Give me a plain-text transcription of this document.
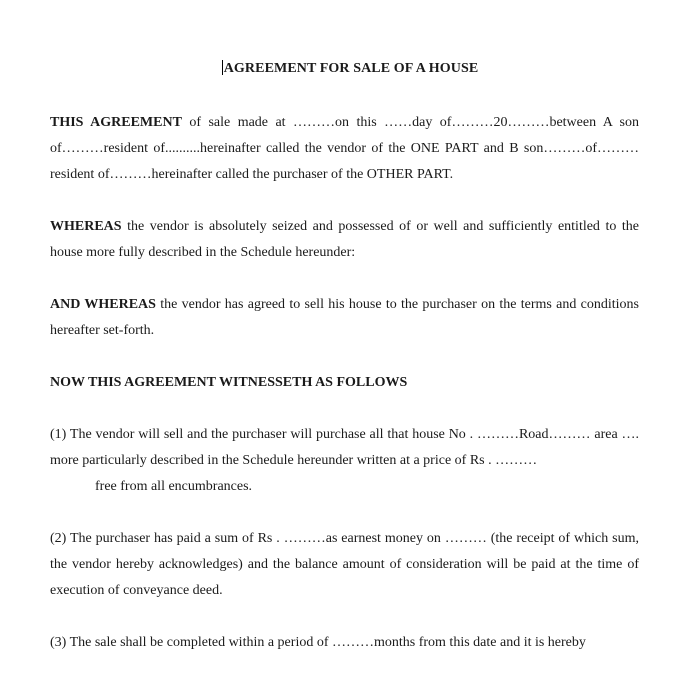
AGREEMENT FOR SALE OF A HOUSE

THIS AGREEMENT of sale made at ………on this ……day of………20………between A son of………resident of..........hereinafter called the vendor of the ONE PART and B son………of………resident of………hereinafter called the purchaser of the OTHER PART.

WHEREAS the vendor is absolutely seized and possessed of or well and sufficiently entitled to the house more fully described in the Schedule hereunder:

AND WHEREAS the vendor has agreed to sell his house to the purchaser on the terms and conditions hereafter set-forth.

NOW THIS AGREEMENT WITNESSETH AS FOLLOWS

(1) The vendor will sell and the purchaser will purchase all that house No . ………Road……… area …. more particularly described in the Schedule hereunder written at a price of Rs . ………
free from all encumbrances.

(2) The purchaser has paid a sum of Rs . ………as earnest money on ……… (the receipt of which sum, the vendor hereby acknowledges) and the balance amount of consideration will be paid at the time of execution of conveyance deed.

(3) The sale shall be completed within a period of ………months from this date and it is hereby
